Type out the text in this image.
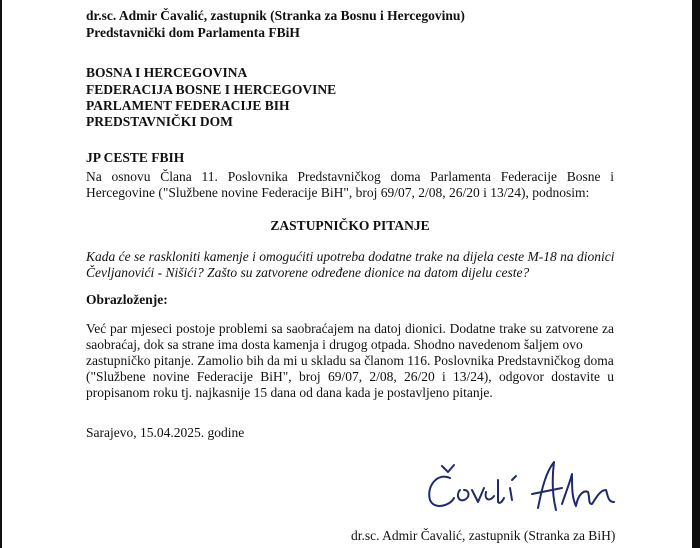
dr.sc. Admir Čavalić, zastupnik (Stranka za Bosnu i Hercegovinu)
Predstavnički dom Parlamenta FBiH
BOSNA I HERCEGOVINA
FEDERACIJA BOSNE I HERCEGOVINE
PARLAMENT FEDERACIJE BIH
PREDSTAVNIČKI DOM
JP CESTE FBIH
Na osnovu Člana 11. Poslovnika Predstavničkog doma Parlamenta Federacije Bosne i
Hercegovine ("Službene novine Federacije BiH", broj 69/07, 2/08, 26/20 i 13/24), podnosim:
ZASTUPNIČKO PITANJE
Kada će se raskloniti kamenje i omogućiti upotreba dodatne trake na dijela ceste M-18 na dionici
Čevljanovići - Nišići? Zašto su zatvorene određene dionice na datom dijelu ceste?
Obrazloženje:
Već par mjeseci postoje problemi sa saobraćajem na datoj dionici. Dodatne trake su zatvorene za
saobraćaj, dok sa strane ima dosta kamenja i drugog otpada. Shodno navedenom šaljem ovo
zastupničko pitanje. Zamolio bih da mi u skladu sa članom 116. Poslovnika Predstavničkog doma
("Službene novine Federacije BiH", broj 69/07, 2/08, 26/20 i 13/24), odgovor dostavite u
propisanom roku tj. najkasnije 15 dana od dana kada je postavljeno pitanje.
Sarajevo, 15.04.2025. godine
dr.sc. Admir Čavalić, zastupnik (Stranka za BiH)
